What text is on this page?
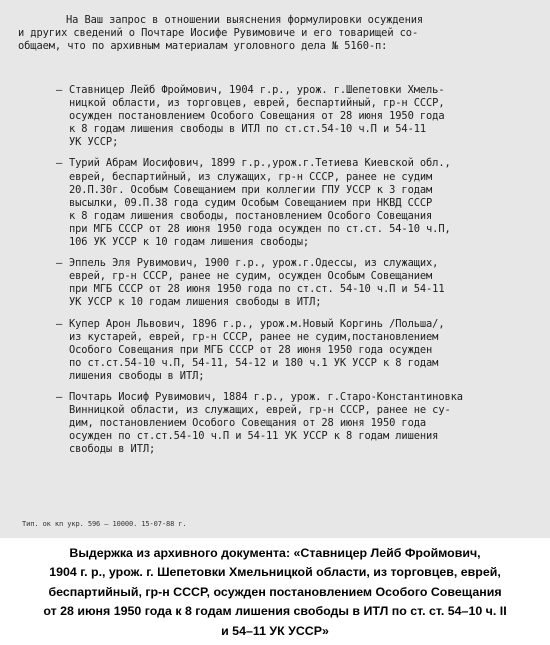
На Ваш запрос в отношении выяснения формулировки осуждения
и других сведений о Почтаре Иосифе Рувимовиче и его товарищей со-
общаем, что по архивным материалам уголовного дела № 5160-п:
— Ставницер Лейб Фроймович, 1904 г.р., урож. г.Шепетовки Хмель-
ницкой области, из торговцев, еврей, беспартийный, гр-н СССР,
осужден постановлением Особого Совещания от 28 июня 1950 года
к 8 годам лишения свободы в ИТЛ по ст.ст.54-10 ч.П и 54-11
УК УССР;
— Турий Абрам Иосифович, 1899 г.р.,урож.г.Тетиева Киевской обл.,
еврей, беспартийный, из служащих, гр-н СССР, ранее не судим
20.П.30г. Особым Совещанием при коллегии ГПУ УССР к 3 годам
высылки, 09.П.38 года судим Особым Совещанием при НКВД СССР
к 8 годам лишения свободы, постановлением Особого Совещания
при МГБ СССР от 28 июня 1950 года осужден по ст.ст. 54-10 ч.П,
106 УК УССР к 10 годам лишения свободы;
— Эппель Эля Рувимович, 1900 г.р., урож.г.Одессы, из служащих,
еврей, гр-н СССР, ранее не судим, осужден Особым Совещанием
при МГБ СССР от 28 июня 1950 года по ст.ст. 54-10 ч.П и 54-11
УК УССР к 10 годам лишения свободы в ИТЛ;
— Купер Арон Львович, 1896 г.р., урож.м.Новый Коргинь /Польша/,
из кустарей, еврей, гр-н СССР, ранее не судим,постановлением
Особого Совещания при МГБ СССР от 28 июня 1950 года осужден
по ст.ст.54-10 ч.П, 54-11, 54-12 и 180 ч.1 УК УССР к 8 годам
лишения свободы в ИТЛ;
— Почтарь Иосиф Рувимович, 1884 г.р., урож. г.Старо-Константиновка
Винницкой области, из служащих, еврей, гр-н СССР, ранее не су-
дим, постановлением Особого Совещания от 28 июня 1950 года
осужден по ст.ст.54-10 ч.П и 54-11 УК УССР к 8 годам лишения
свободы в ИТЛ;
Тип. ок кп укр. 596 — 10000. 15-07-88 г.
Выдержка из архивного документа: «Ставницер Лейб Фроймович,
1904 г. р., урож. г. Шепетовки Хмельницкой области, из торговцев, еврей,
беспартийный, гр-н СССР, осужден постановлением Особого Совещания
от 28 июня 1950 года к 8 годам лишения свободы в ИТЛ по ст. ст. 54–10 ч. II
и 54–11 УК УССР»
